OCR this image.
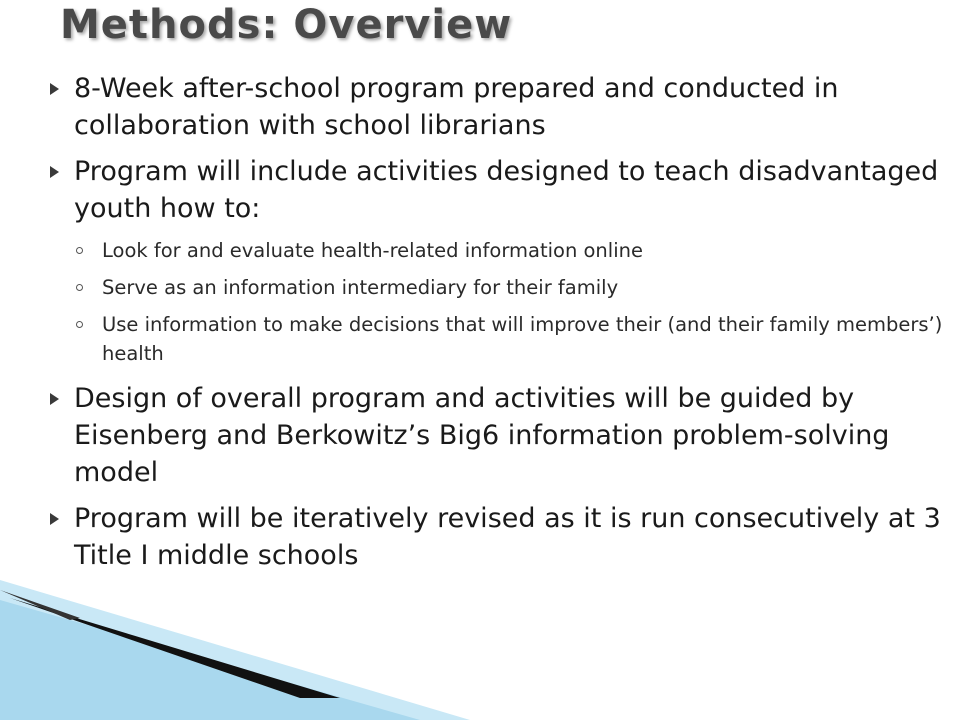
Methods: Overview
8-Week after-school program prepared and conducted in collaboration with school librarians
Program will include activities designed to teach disadvantaged youth how to:
Look for and evaluate health-related information online
Serve as an information intermediary for their family
Use information to make decisions that will improve their (and their family members’) health
Design of overall program and activities will be guided by Eisenberg and Berkowitz’s Big6 information problem-solving model
Program will be iteratively revised as it is run consecutively at 3 Title I middle schools
